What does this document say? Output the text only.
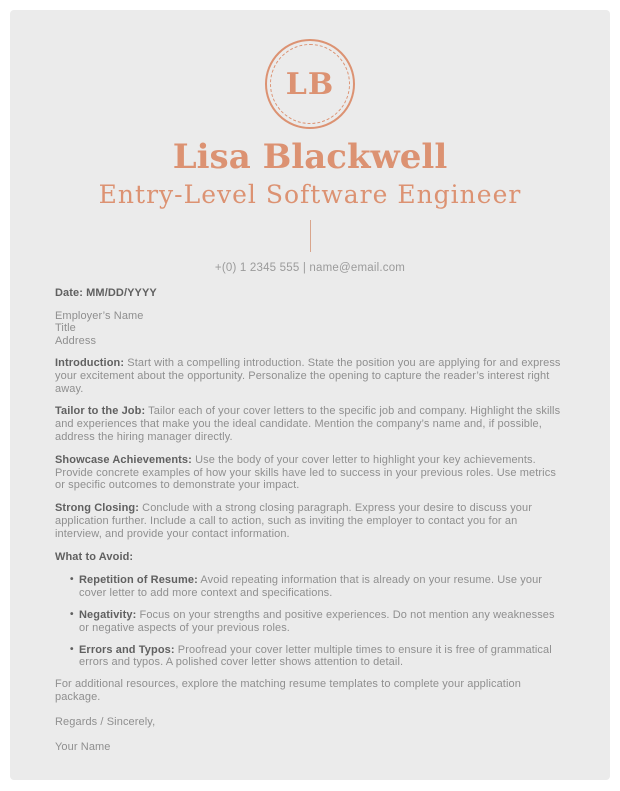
LB
Lisa Blackwell
Entry-Level Software Engineer
+(0) 1 2345 555 | name@email.com
Date: MM/DD/YYYY
Employer’s Name
Title
Address

Introduction: Start with a compelling introduction. State the position you are applying for and express your excitement about the opportunity. Personalize the opening to capture the reader’s interest right away.

Tailor to the Job: Tailor each of your cover letters to the specific job and company. Highlight the skills and experiences that make you the ideal candidate. Mention the company’s name and, if possible, address the hiring manager directly.

Showcase Achievements: Use the body of your cover letter to highlight your key achievements. Provide concrete examples of how your skills have led to success in your previous roles. Use metrics or specific outcomes to demonstrate your impact.

Strong Closing: Conclude with a strong closing paragraph. Express your desire to discuss your application further. Include a call to action, such as inviting the employer to contact you for an interview, and provide your contact information.

What to Avoid:
• Repetition of Resume: Avoid repeating information that is already on your resume. Use your cover letter to add more context and specifications.
• Negativity: Focus on your strengths and positive experiences. Do not mention any weaknesses or negative aspects of your previous roles.
• Errors and Typos: Proofread your cover letter multiple times to ensure it is free of grammatical errors and typos. A polished cover letter shows attention to detail.

For additional resources, explore the matching resume templates to complete your application package.

Regards / Sincerely,

Your Name
